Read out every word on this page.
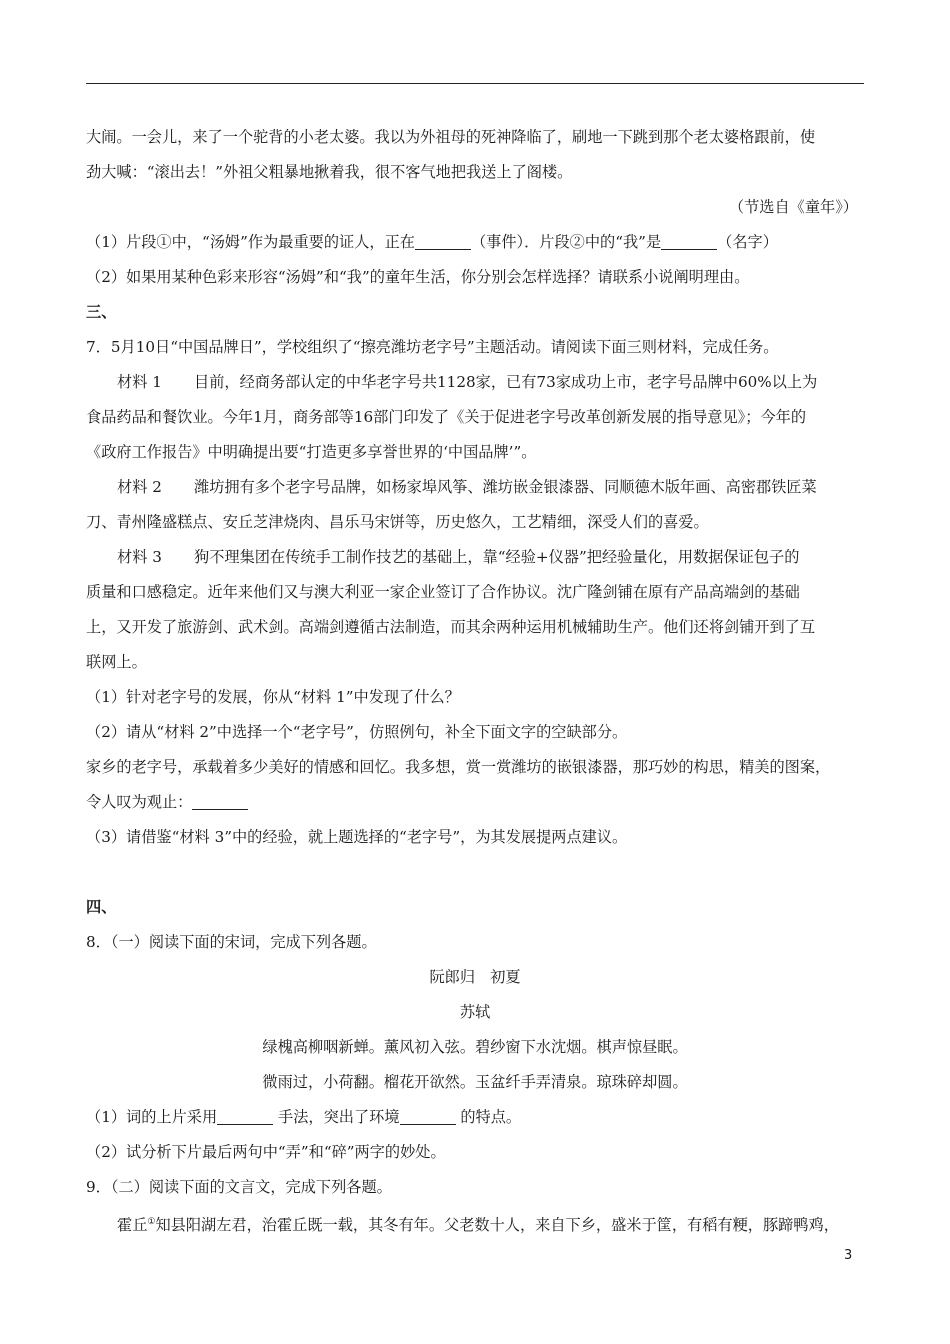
大闹。一会儿，来了一个驼背的小老太婆。我以为外祖母的死神降临了，刷地一下跳到那个老太婆格跟前，使
劲大喊：“滚出去！”外祖父粗暴地揪着我，很不客气地把我送上了阁楼。
（节选自《童年》）
（1）片段①中，“汤姆”作为最重要的证人，正在	（事件）．片段②中的“我”是	（名字）
（2）如果用某种色彩来形容“汤姆”和“我”的童年生活，你分别会怎样选择？请联系小说阐明理由。
三、
7．5月10日“中国品牌日”，学校组织了“擦亮潍坊老字号”主题活动。请阅读下面三则材料，完成任务。
材料 1 目前，经商务部认定的中华老字号共1128家，已有73家成功上市，老字号品牌中60%以上为
食品药品和餐饮业。今年1月，商务部等16部门印发了《关于促进老字号改革创新发展的指导意见》；今年的
《政府工作报告》中明确提出要“打造更多享誉世界的‘中国品牌’”。
材料 2 潍坊拥有多个老字号品牌，如杨家埠风筝、潍坊嵌金银漆器、同顺德木版年画、高密郡铁匠菜
刀、青州隆盛糕点、安丘芝津烧肉、昌乐马宋饼等，历史悠久，工艺精细，深受人们的喜爱。
材料 3 狗不理集团在传统手工制作技艺的基础上，靠“经验+仪器”把经验量化，用数据保证包子的
质量和口感稳定。近年来他们又与澳大利亚一家企业签订了合作协议。沈广隆剑铺在原有产品高端剑的基础
上，又开发了旅游剑、武术剑。高端剑遵循古法制造，而其余两种运用机械辅助生产。他们还将剑铺开到了互
联网上。
（1）针对老字号的发展，你从“材料 1”中发现了什么？
（2）请从“材料 2”中选择一个“老字号”，仿照例句，补全下面文字的空缺部分。
家乡的老字号，承载着多少美好的情感和回忆。我多想，赏一赏潍坊的嵌银漆器，那巧妙的构思，精美的图案，
令人叹为观止：
（3）请借鉴“材料 3”中的经验，就上题选择的“老字号”，为其发展提两点建议。
四、
8．（一）阅读下面的宋词，完成下列各题。
阮郎归　初夏
苏轼
绿槐高柳咽新蝉。薰风初入弦。碧纱窗下水沈烟。棋声惊昼眠。
微雨过，小荷翻。榴花开欲然。玉盆纤手弄清泉。琼珠碎却圆。
（1）词的上片采用	手法，突出了环境	的特点。
（2）试分析下片最后两句中“弄”和“碎”两字的妙处。
9．（二）阅读下面的文言文，完成下列各题。
霍丘①知县阳湖左君，治霍丘既一载，其冬有年。父老数十人，来自下乡，盛米于筐，有稻有粳，豚蹄鸭鸡，
3
